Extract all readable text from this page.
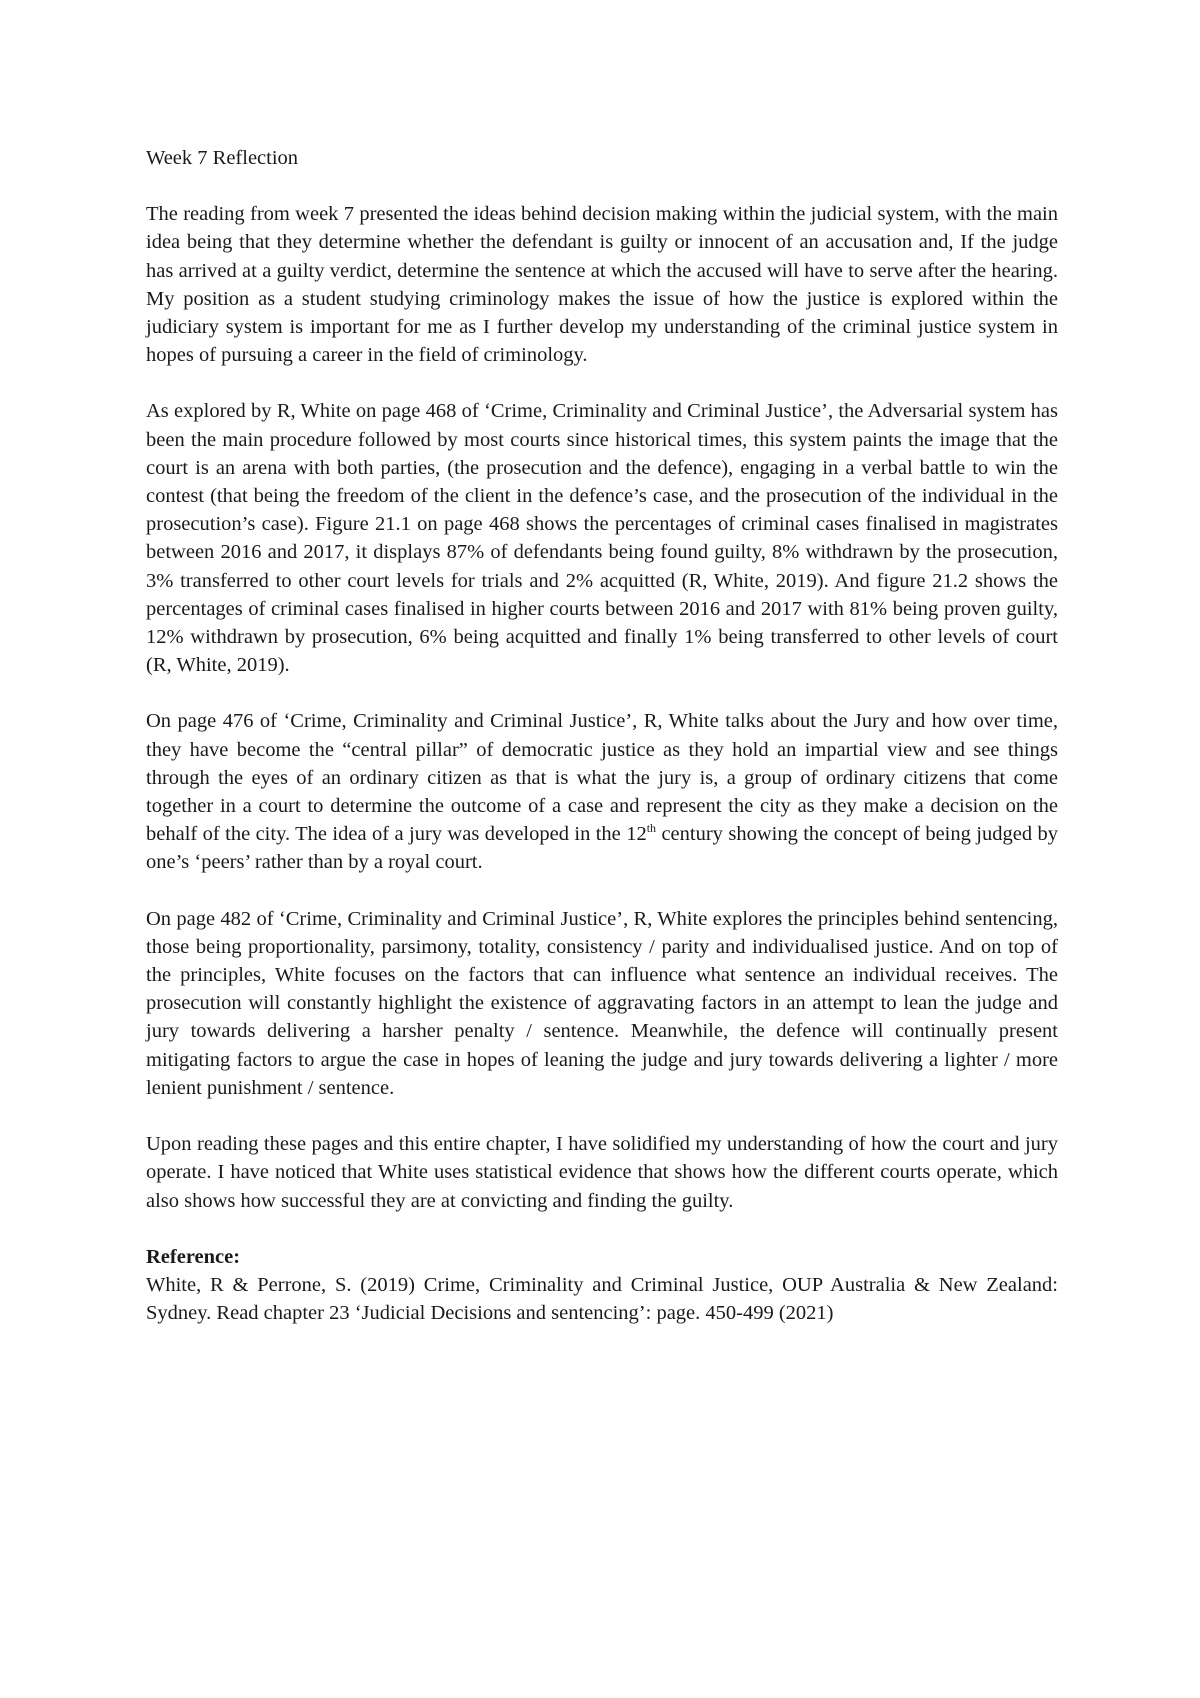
Week 7 Reflection

The reading from week 7 presented the ideas behind decision making within the judicial system, with the main idea being that they determine whether the defendant is guilty or innocent of an accusation and, If the judge has arrived at a guilty verdict, determine the sentence at which the accused will have to serve after the hearing. My position as a student studying criminology makes the issue of how the justice is explored within the judiciary system is important for me as I further develop my understanding of the criminal justice system in hopes of pursuing a career in the field of criminology.

As explored by R, White on page 468 of ‘Crime, Criminality and Criminal Justice’, the Adversarial system has been the main procedure followed by most courts since historical times, this system paints the image that the court is an arena with both parties, (the prosecution and the defence), engaging in a verbal battle to win the contest (that being the freedom of the client in the defence’s case, and the prosecution of the individual in the prosecution’s case). Figure 21.1 on page 468 shows the percentages of criminal cases finalised in magistrates between 2016 and 2017, it displays 87% of defendants being found guilty, 8% withdrawn by the prosecution, 3% transferred to other court levels for trials and 2% acquitted (R, White, 2019). And figure 21.2 shows the percentages of criminal cases finalised in higher courts between 2016 and 2017 with 81% being proven guilty, 12% withdrawn by prosecution, 6% being acquitted and finally 1% being transferred to other levels of court (R, White, 2019).

On page 476 of ‘Crime, Criminality and Criminal Justice’, R, White talks about the Jury and how over time, they have become the “central pillar” of democratic justice as they hold an impartial view and see things through the eyes of an ordinary citizen as that is what the jury is, a group of ordinary citizens that come together in a court to determine the outcome of a case and represent the city as they make a decision on the behalf of the city. The idea of a jury was developed in the 12th century showing the concept of being judged by one’s ‘peers’ rather than by a royal court.

On page 482 of ‘Crime, Criminality and Criminal Justice’, R, White explores the principles behind sentencing, those being proportionality, parsimony, totality, consistency / parity and individualised justice. And on top of the principles, White focuses on the factors that can influence what sentence an individual receives. The prosecution will constantly highlight the existence of aggravating factors in an attempt to lean the judge and jury towards delivering a harsher penalty / sentence. Meanwhile, the defence will continually present mitigating factors to argue the case in hopes of leaning the judge and jury towards delivering a lighter / more lenient punishment / sentence.

Upon reading these pages and this entire chapter, I have solidified my understanding of how the court and jury operate. I have noticed that White uses statistical evidence that shows how the different courts operate, which also shows how successful they are at convicting and finding the guilty.

Reference:

White, R & Perrone, S. (2019) Crime, Criminality and Criminal Justice, OUP Australia & New Zealand: Sydney. Read chapter 23 ‘Judicial Decisions and sentencing’: page. 450-499 (2021)
